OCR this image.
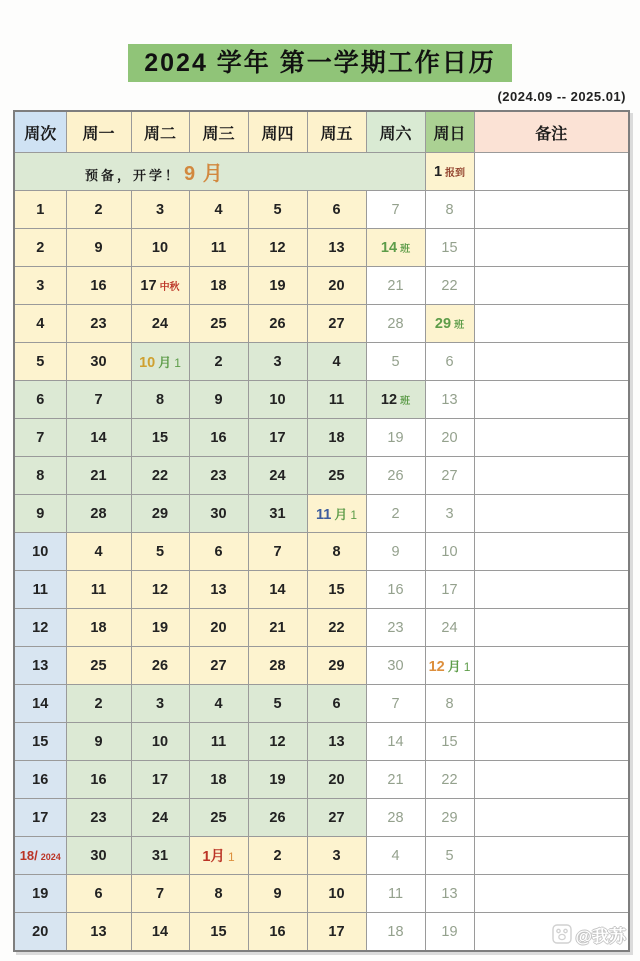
2024 学年 第一学期工作日历
(2024.09 -- 2025.01)
周次	周一	周二	周三	周四	周五	周六	周日	备注
预备，开学！ 9 月							1 报到	
1	2	3	4	5	6	7	8	
2	9	10	11	12	13	14 班	15	
3	16	17 中秋	18	19	20	21	22	
4	23	24	25	26	27	28	29 班	
5	30	10 月 1	2	3	4	5	6	
6	7	8	9	10	11	12 班	13	
7	14	15	16	17	18	19	20	
8	21	22	23	24	25	26	27	
9	28	29	30	31	11 月 1	2	3	
10	4	5	6	7	8	9	10	
11	11	12	13	14	15	16	17	
12	18	19	20	21	22	23	24	
13	25	26	27	28	29	30	12 月 1	
14	2	3	4	5	6	7	8	
15	9	10	11	12	13	14	15	
16	16	17	18	19	20	21	22	
17	23	24	25	26	27	28	29	
18/ 2024	30	31	1月 1	2	3	4	5	
19	6	7	8	9	10	11	13	
20	13	14	15	16	17	18	19		@我苏
